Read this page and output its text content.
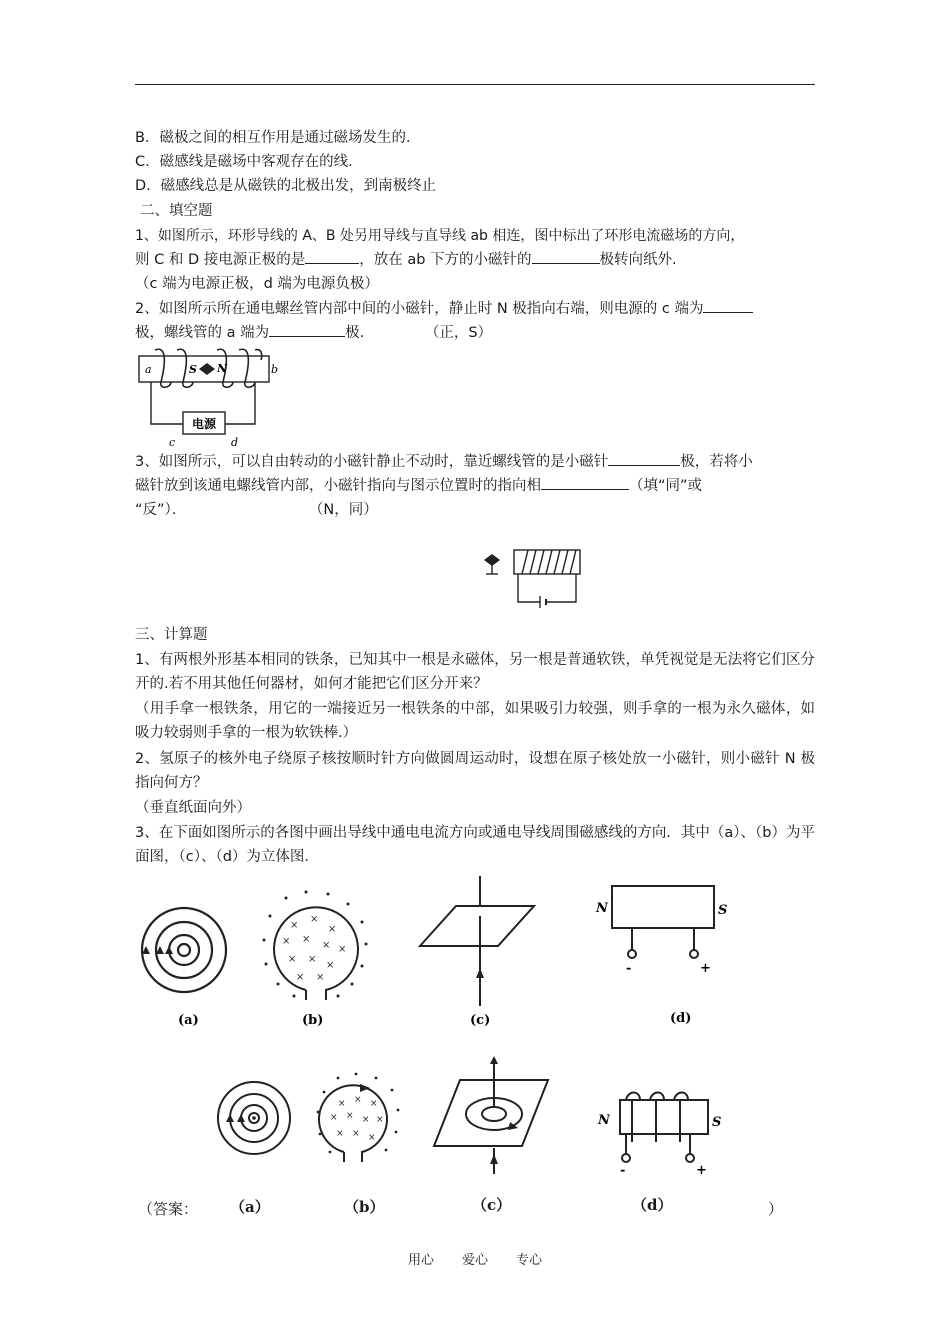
B．磁极之间的相互作用是通过磁场发生的．
C．磁感线是磁场中客观存在的线．
D．磁感线总是从磁铁的北极出发，到南极终止
二、填空题
1、如图所示，环形导线的 A、B 处另用导线与直导线 ab 相连，图中标出了环形电流磁场的方向，
则 C 和 D 接电源正极的是	，放在 ab 下方的小磁针的	极转向纸外.
（c 端为电源正极，d 端为电源负极）
2、如图所示所在通电螺丝管内部中间的小磁针，静止时 N 极指向右端，则电源的 c 端为
极，螺线管的 a 端为	极.	（正，S）
a	b
S N
电源
c	d
3、如图所示，可以自由转动的小磁针静止不动时，靠近螺线管的是小磁针	极，若将小
磁针放到该通电螺线管内部，小磁针指向与图示位置时的指向相	（填“同”或
“反”）．	（N，同）
三、计算题
1、有两根外形基本相同的铁条，已知其中一根是永磁体，另一根是普通软铁，单凭视觉是无法将它们区分开的.若不用其他任何器材，如何才能把它们区分开来？
（用手拿一根铁条，用它的一端接近另一根铁条的中部，如果吸引力较强，则手拿的一根为永久磁体，如吸力较弱则手拿的一根为软铁棒.）
2、氢原子的核外电子绕原子核按顺时针方向做圆周运动时，设想在原子核处放一小磁针，则小磁针 N 极指向何方？
（垂直纸面向外）
3、在下面如图所示的各图中画出导线中通电电流方向或通电导线周围磁感线的方向．其中（a）、（b）为平面图，（c）、（d）为立体图．
(a)
×
×
×
× ×
× ×
× ×
×
× ×
(b)	(c)
N	S
-	+
(d)
× × ×
× × × ×
× × ×
N	S
-	+
（答案： （a）	（b）	（c）	（d）	）
用心 爱心 专心
